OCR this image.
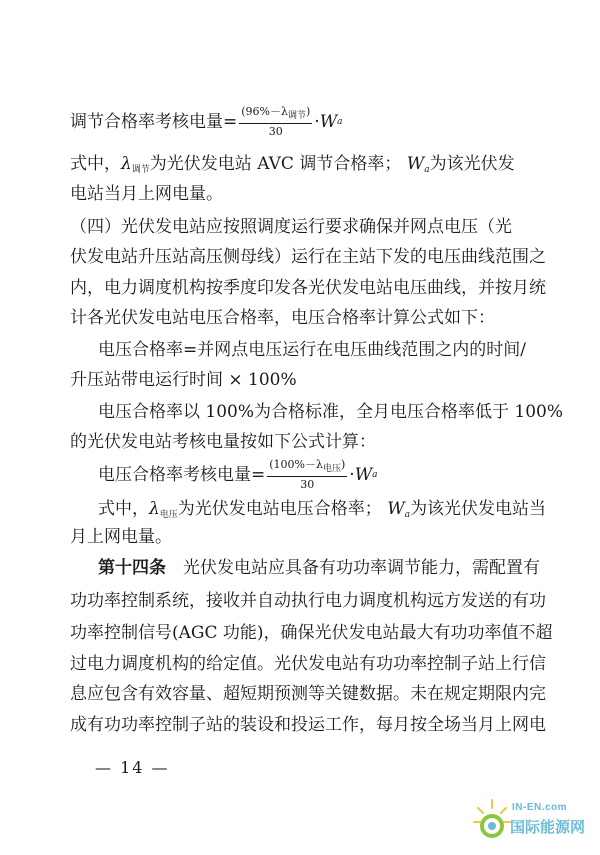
调节合格率考核电量= $\frac{(96\%-\lambda_{调节})}{30} \cdot W$ a
式中，$\lambda_{调节}$为光伏发电站 AVC 调节合格率； $W_a$为该光伏发
电站当月上网电量。
（四）光伏发电站应按照调度运行要求确保并网点电压（光
伏发电站升压站高压侧母线）运行在主站下发的电压曲线范围之
内，电力调度机构按季度印发各光伏发电站电压曲线，并按月统
计各光伏发电站电压合格率，电压合格率计算公式如下：
电压合格率=并网点电压运行在电压曲线范围之内的时间/
升压站带电运行时间 × 100%
电压合格率以 100%为合格标准，全月电压合格率低于 100%
的光伏发电站考核电量按如下公式计算：
电压合格率考核电量= $\frac{(100\%-\lambda_{电压})}{30} \cdot W$ a
式中，$\lambda_{电压}$为光伏发电站电压合格率； $W_a$为该光伏发电站当
月上网电量。
第十四条　 光伏发电站应具备有功功率调节能力，需配置有
功功率控制系统，接收并自动执行电力调度机构远方发送的有功
功率控制信号(AGC 功能)，确保光伏发电站最大有功功率值不超
过电力调度机构的给定值。光伏发电站有功功率控制子站上行信
息应包含有效容量、超短期预测等关键数据。未在规定期限内完
成有功功率控制子站的装设和投运工作，每月按全场当月上网电
— 14 —
IN-EN.com
国际能源网
